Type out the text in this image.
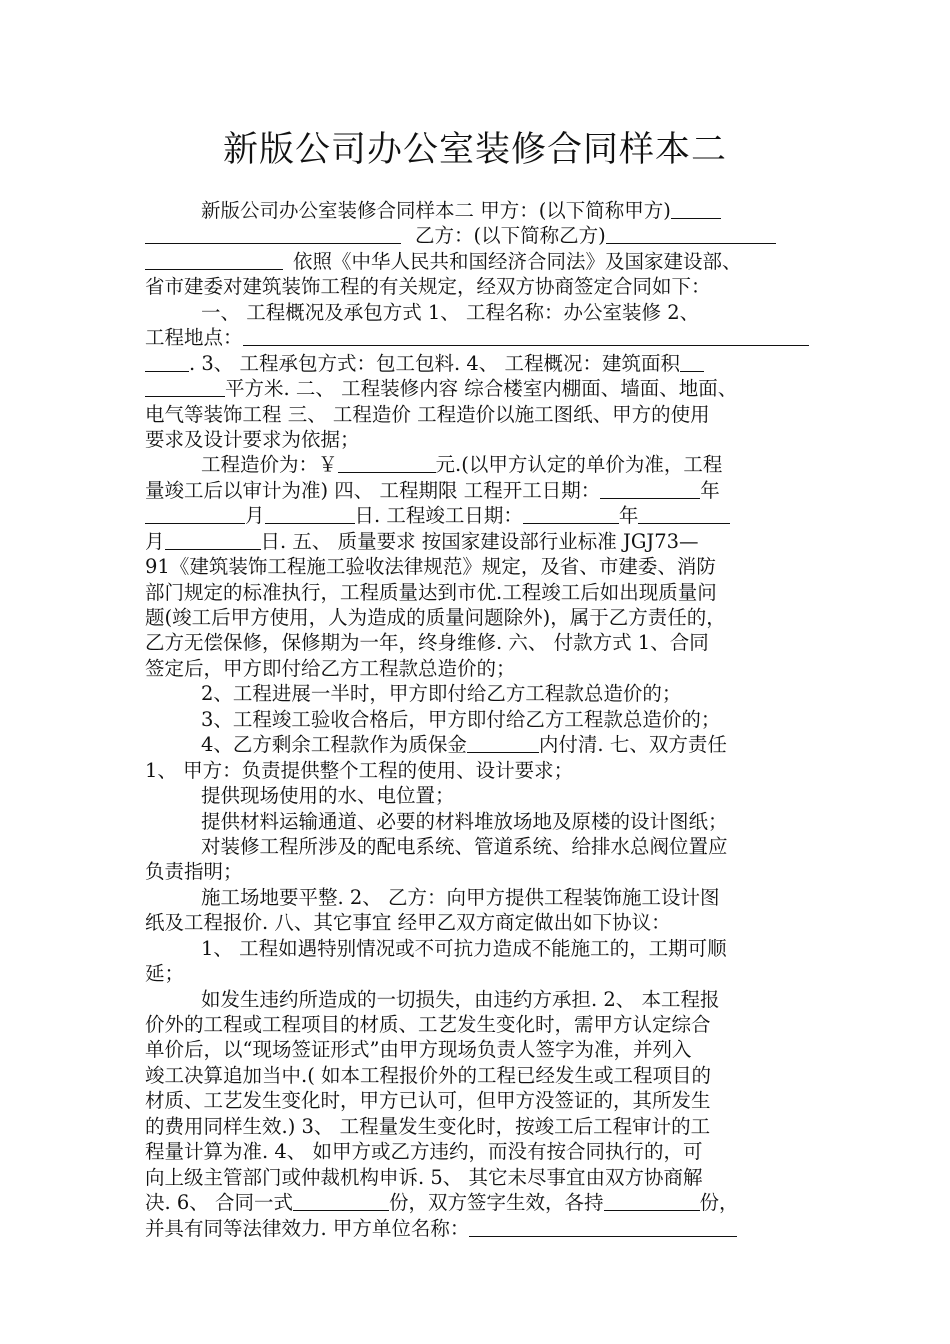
新版公司办公室装修合同样本二
新版公司办公室装修合同样本二 甲方：(以下简称甲方)
乙方：(以下简称乙方)
依照《中华人民共和国经济合同法》及国家建设部、
省市建委对建筑装饰工程的有关规定，经双方协商签定合同如下：
一、 工程概况及承包方式 1、 工程名称：办公室装修 2、
工程地点：
. 3、 工程承包方式：包工包料. 4、 工程概况：建筑面积
平方米. 二、 工程装修内容 综合楼室内棚面、墙面、地面、
电气等装饰工程 三、 工程造价 工程造价以施工图纸、甲方的使用
要求及设计要求为依据；
工程造价为：￥	元.(以甲方认定的单价为准，工程
量竣工后以审计为准) 四、 工程期限 工程开工日期：	年
月	日. 工程竣工日期：	年
月	日. 五、 质量要求 按国家建设部行业标准 JGJ73—
91《建筑装饰工程施工验收法律规范》规定，及省、市建委、消防
部门规定的标准执行，工程质量达到市优.工程竣工后如出现质量问
题(竣工后甲方使用，人为造成的质量问题除外)，属于乙方责任的，
乙方无偿保修，保修期为一年，终身维修. 六、 付款方式 1、合同
签定后，甲方即付给乙方工程款总造价的；
2、工程进展一半时，甲方即付给乙方工程款总造价的；
3、工程竣工验收合格后，甲方即付给乙方工程款总造价的；
4、乙方剩余工程款作为质保金	内付清. 七、双方责任
1、 甲方：负责提供整个工程的使用、设计要求；
提供现场使用的水、电位置；
提供材料运输通道、必要的材料堆放场地及原楼的设计图纸；
对装修工程所涉及的配电系统、管道系统、给排水总阀位置应
负责指明；
施工场地要平整. 2、 乙方：向甲方提供工程装饰施工设计图
纸及工程报价. 八、其它事宜 经甲乙双方商定做出如下协议：
1、 工程如遇特别情况或不可抗力造成不能施工的，工期可顺
延；
如发生违约所造成的一切损失，由违约方承担. 2、 本工程报
价外的工程或工程项目的材质、工艺发生变化时，需甲方认定综合
单价后，以“现场签证形式”由甲方现场负责人签字为准，并列入
竣工决算追加当中.( 如本工程报价外的工程已经发生或工程项目的
材质、工艺发生变化时，甲方已认可，但甲方没签证的，其所发生
的费用同样生效.) 3、 工程量发生变化时，按竣工后工程审计的工
程量计算为准. 4、 如甲方或乙方违约，而没有按合同执行的，可
向上级主管部门或仲裁机构申诉. 5、 其它未尽事宜由双方协商解
决. 6、 合同一式	份，双方签字生效，各持	份，
并具有同等法律效力. 甲方单位名称：
